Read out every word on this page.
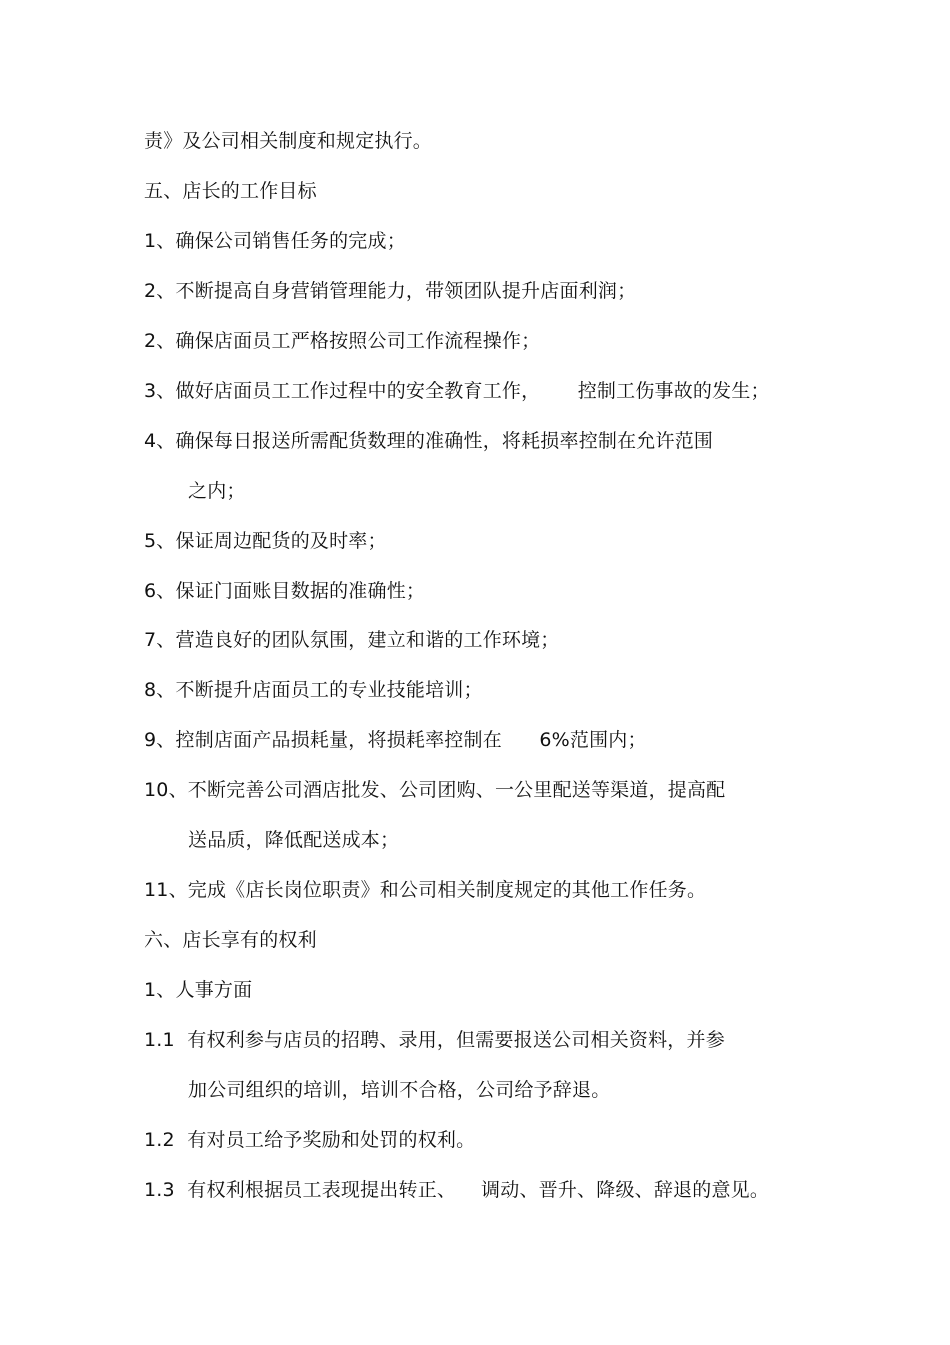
责》及公司相关制度和规定执行。
五、店长的工作目标
1、确保公司销售任务的完成；
2、不断提高自身营销管理能力，带领团队提升店面利润；
2、确保店面员工严格按照公司工作流程操作；
3、做好店面员工工作过程中的安全教育工作，      控制工伤事故的发生；
4、确保每日报送所需配货数理的准确性，将耗损率控制在允许范围
之内；
5、保证周边配货的及时率；
6、保证门面账目数据的准确性；
7、营造良好的团队氛围，建立和谐的工作环境；
8、不断提升店面员工的专业技能培训；
9、控制店面产品损耗量，将损耗率控制在      6%范围内；
10、不断完善公司酒店批发、公司团购、一公里配送等渠道，提高配
送品质，降低配送成本；
11、完成《店长岗位职责》和公司相关制度规定的其他工作任务。
六、店长享有的权利
1、人事方面
1.1  有权利参与店员的招聘、录用，但需要报送公司相关资料，并参
加公司组织的培训，培训不合格，公司给予辞退。
1.2  有对员工给予奖励和处罚的权利。
1.3  有权利根据员工表现提出转正、    调动、晋升、降级、辞退的意见。
